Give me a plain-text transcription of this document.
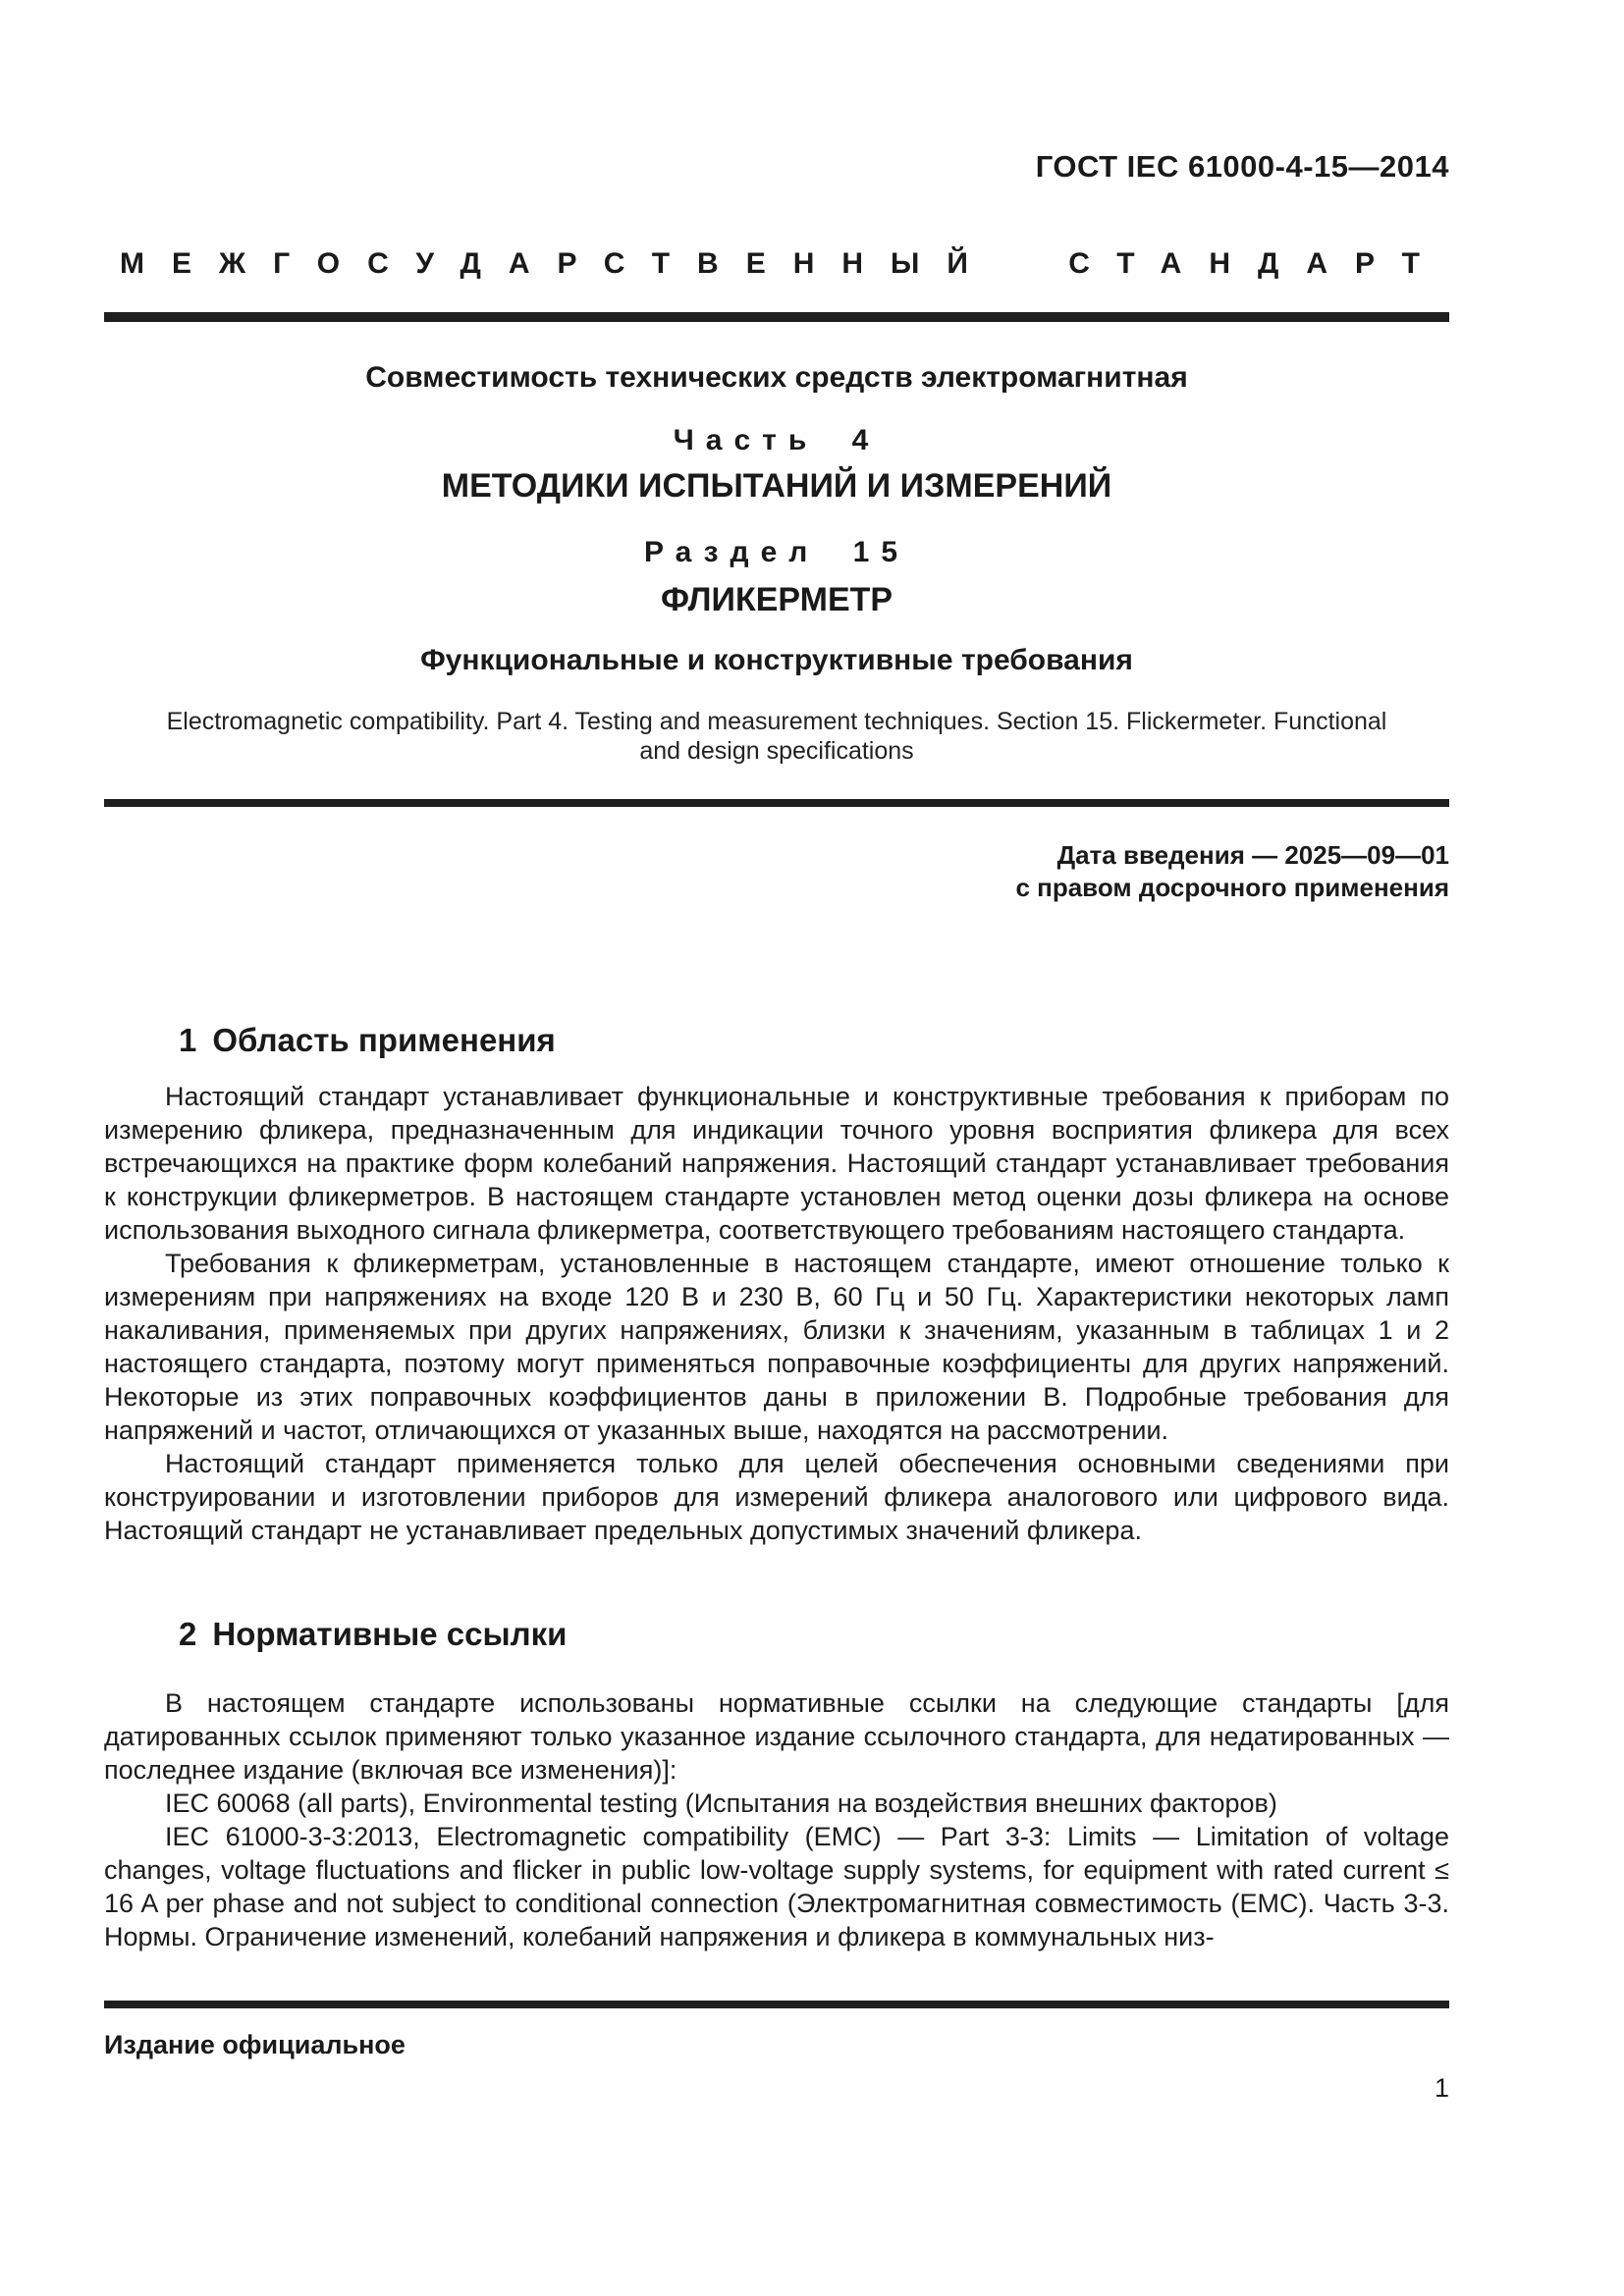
ГОСТ IEC 61000-4-15—2014
МЕЖГОСУДАРСТВЕННЫЙ СТАНДАРТ
Совместимость технических средств электромагнитная
Часть 4
МЕТОДИКИ ИСПЫТАНИЙ И ИЗМЕРЕНИЙ
Раздел 15
ФЛИКЕРМЕТР
Функциональные и конструктивные требования
Electromagnetic compatibility. Part 4. Testing and measurement techniques. Section 15. Flickermeter. Functional
and design specifications
Дата введения — 2025—09—01
с правом досрочного применения
1 Область применения

Настоящий стандарт устанавливает функциональные и конструктивные требования к приборам по измерению фликера, предназначенным для индикации точного уровня восприятия фликера для всех встречающихся на практике форм колебаний напряжения. Настоящий стандарт устанавливает требования к конструкции фликерметров. В настоящем стандарте установлен метод оценки дозы фликера на основе использования выходного сигнала фликерметра, соответствующего требованиям настоящего стандарта.

Требования к фликерметрам, установленные в настоящем стандарте, имеют отношение только к измерениям при напряжениях на входе 120 В и 230 В, 60 Гц и 50 Гц. Характеристики некоторых ламп накаливания, применяемых при других напряжениях, близки к значениям, указанным в таблицах 1 и 2 настоящего стандарта, поэтому могут применяться поправочные коэффициенты для других напряжений. Некоторые из этих поправочных коэффициентов даны в приложении В. Подробные требования для напряжений и частот, отличающихся от указанных выше, находятся на рассмотрении.

Настоящий стандарт применяется только для целей обеспечения основными сведениями при конструировании и изготовлении приборов для измерений фликера аналогового или цифрового вида. Настоящий стандарт не устанавливает предельных допустимых значений фликера.

2 Нормативные ссылки

В настоящем стандарте использованы нормативные ссылки на следующие стандарты [для датированных ссылок применяют только указанное издание ссылочного стандарта, для недатированных — последнее издание (включая все изменения)]:

IEC 60068 (all parts), Environmental testing (Испытания на воздействия внешних факторов)

IEC 61000-3-3:2013, Electromagnetic compatibility (EMC) — Part 3-3: Limits — Limitation of voltage changes, voltage fluctuations and flicker in public low-voltage supply systems, for equipment with rated current ≤ 16 A per phase and not subject to conditional connection (Электромагнитная совместимость (EMC). Часть 3-3. Нормы. Ограничение изменений, колебаний напряжения и фликера в коммунальных низ-

Издание официальное
1
